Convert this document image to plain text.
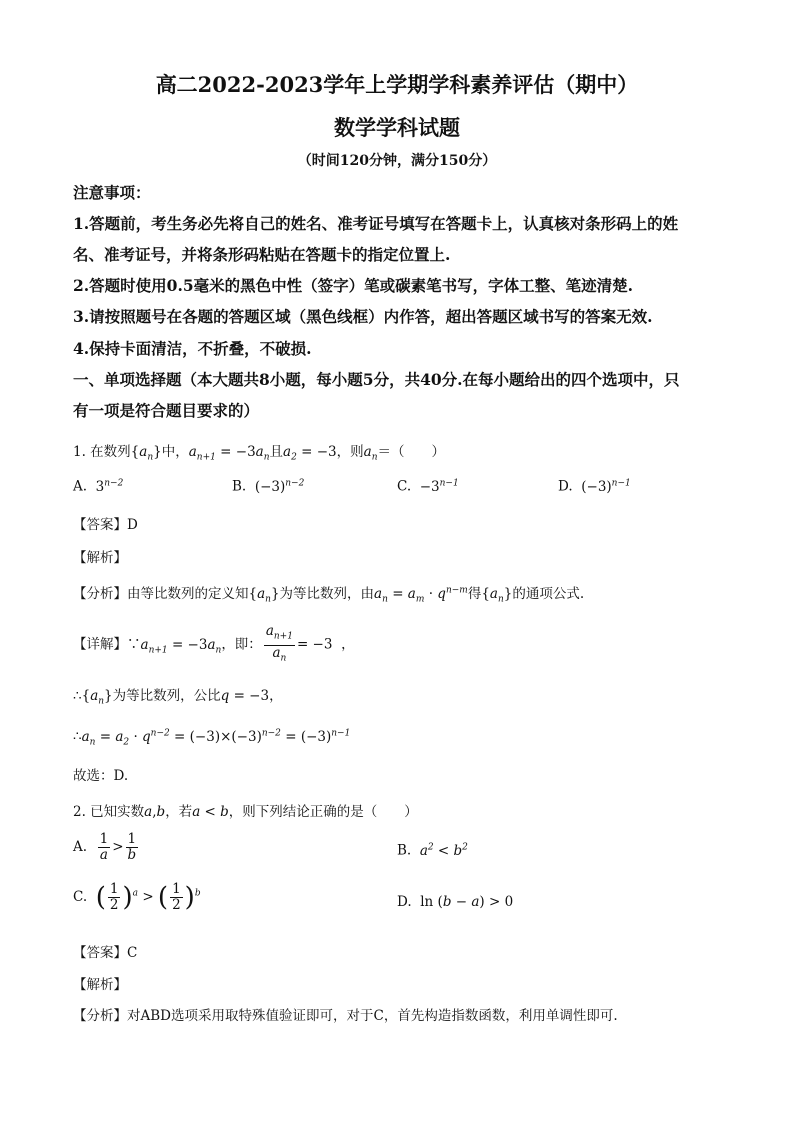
高二2022-2023学年上学期学科素养评估（期中）
数学学科试题
（时间120分钟，满分150分）
注意事项：
1.答题前，考生务必先将自己的姓名、准考证号填写在答题卡上，认真核对条形码上的姓
名、准考证号，并将条形码粘贴在答题卡的指定位置上.
2.答题时使用0.5毫米的黑色中性（签字）笔或碳素笔书写，字体工整、笔迹清楚.
3.请按照题号在各题的答题区域（黑色线框）内作答，超出答题区域书写的答案无效.
4.保持卡面清洁，不折叠，不破损.
一、单项选择题（本大题共8小题，每小题5分，共40分.在每小题给出的四个选项中，只
有一项是符合题目要求的）
1. 在数列$\{a_n\}$中，$a_{n+1} = -3a_n$且$a_2 = -3$，则$a_n=$（　　）
A. $3^{n-2}$	B. $(-3)^{n-2}$	C. $-3^{n-1}$	D. $(-3)^{n-1}$
【答案】D
【解析】
【分析】由等比数列的定义知$\{a_n\}$为等比数列，由$a_n = a_m \cdot q^{n-m}$得$\{a_n\}$的通项公式.
【详解】$\because a_{n+1} = -3a_n$，即： $\frac{a_{n+1}}{a_n} = -3$ ，
$\therefore\{a_n\}$为等比数列，公比q = −3，
$\therefore a_n = a_2 \cdot q^{n-2} = (-3)\times(-3)^{n-2} = (-3)^{n-1}$
故选：D.
2. 已知实数a,b，若a < b，则下列结论正确的是（　　）
A. $\frac{1}{a} > \frac{1}{b}$	B. $a^2 < b^2$
C. ( $\frac{1}{2} )^a$ > ( $\frac{1}{2} )^b$
D. ln (b − a) > 0
【答案】C
【解析】
【分析】对ABD选项采用取特殊值验证即可，对于C，首先构造指数函数，利用单调性即可.
